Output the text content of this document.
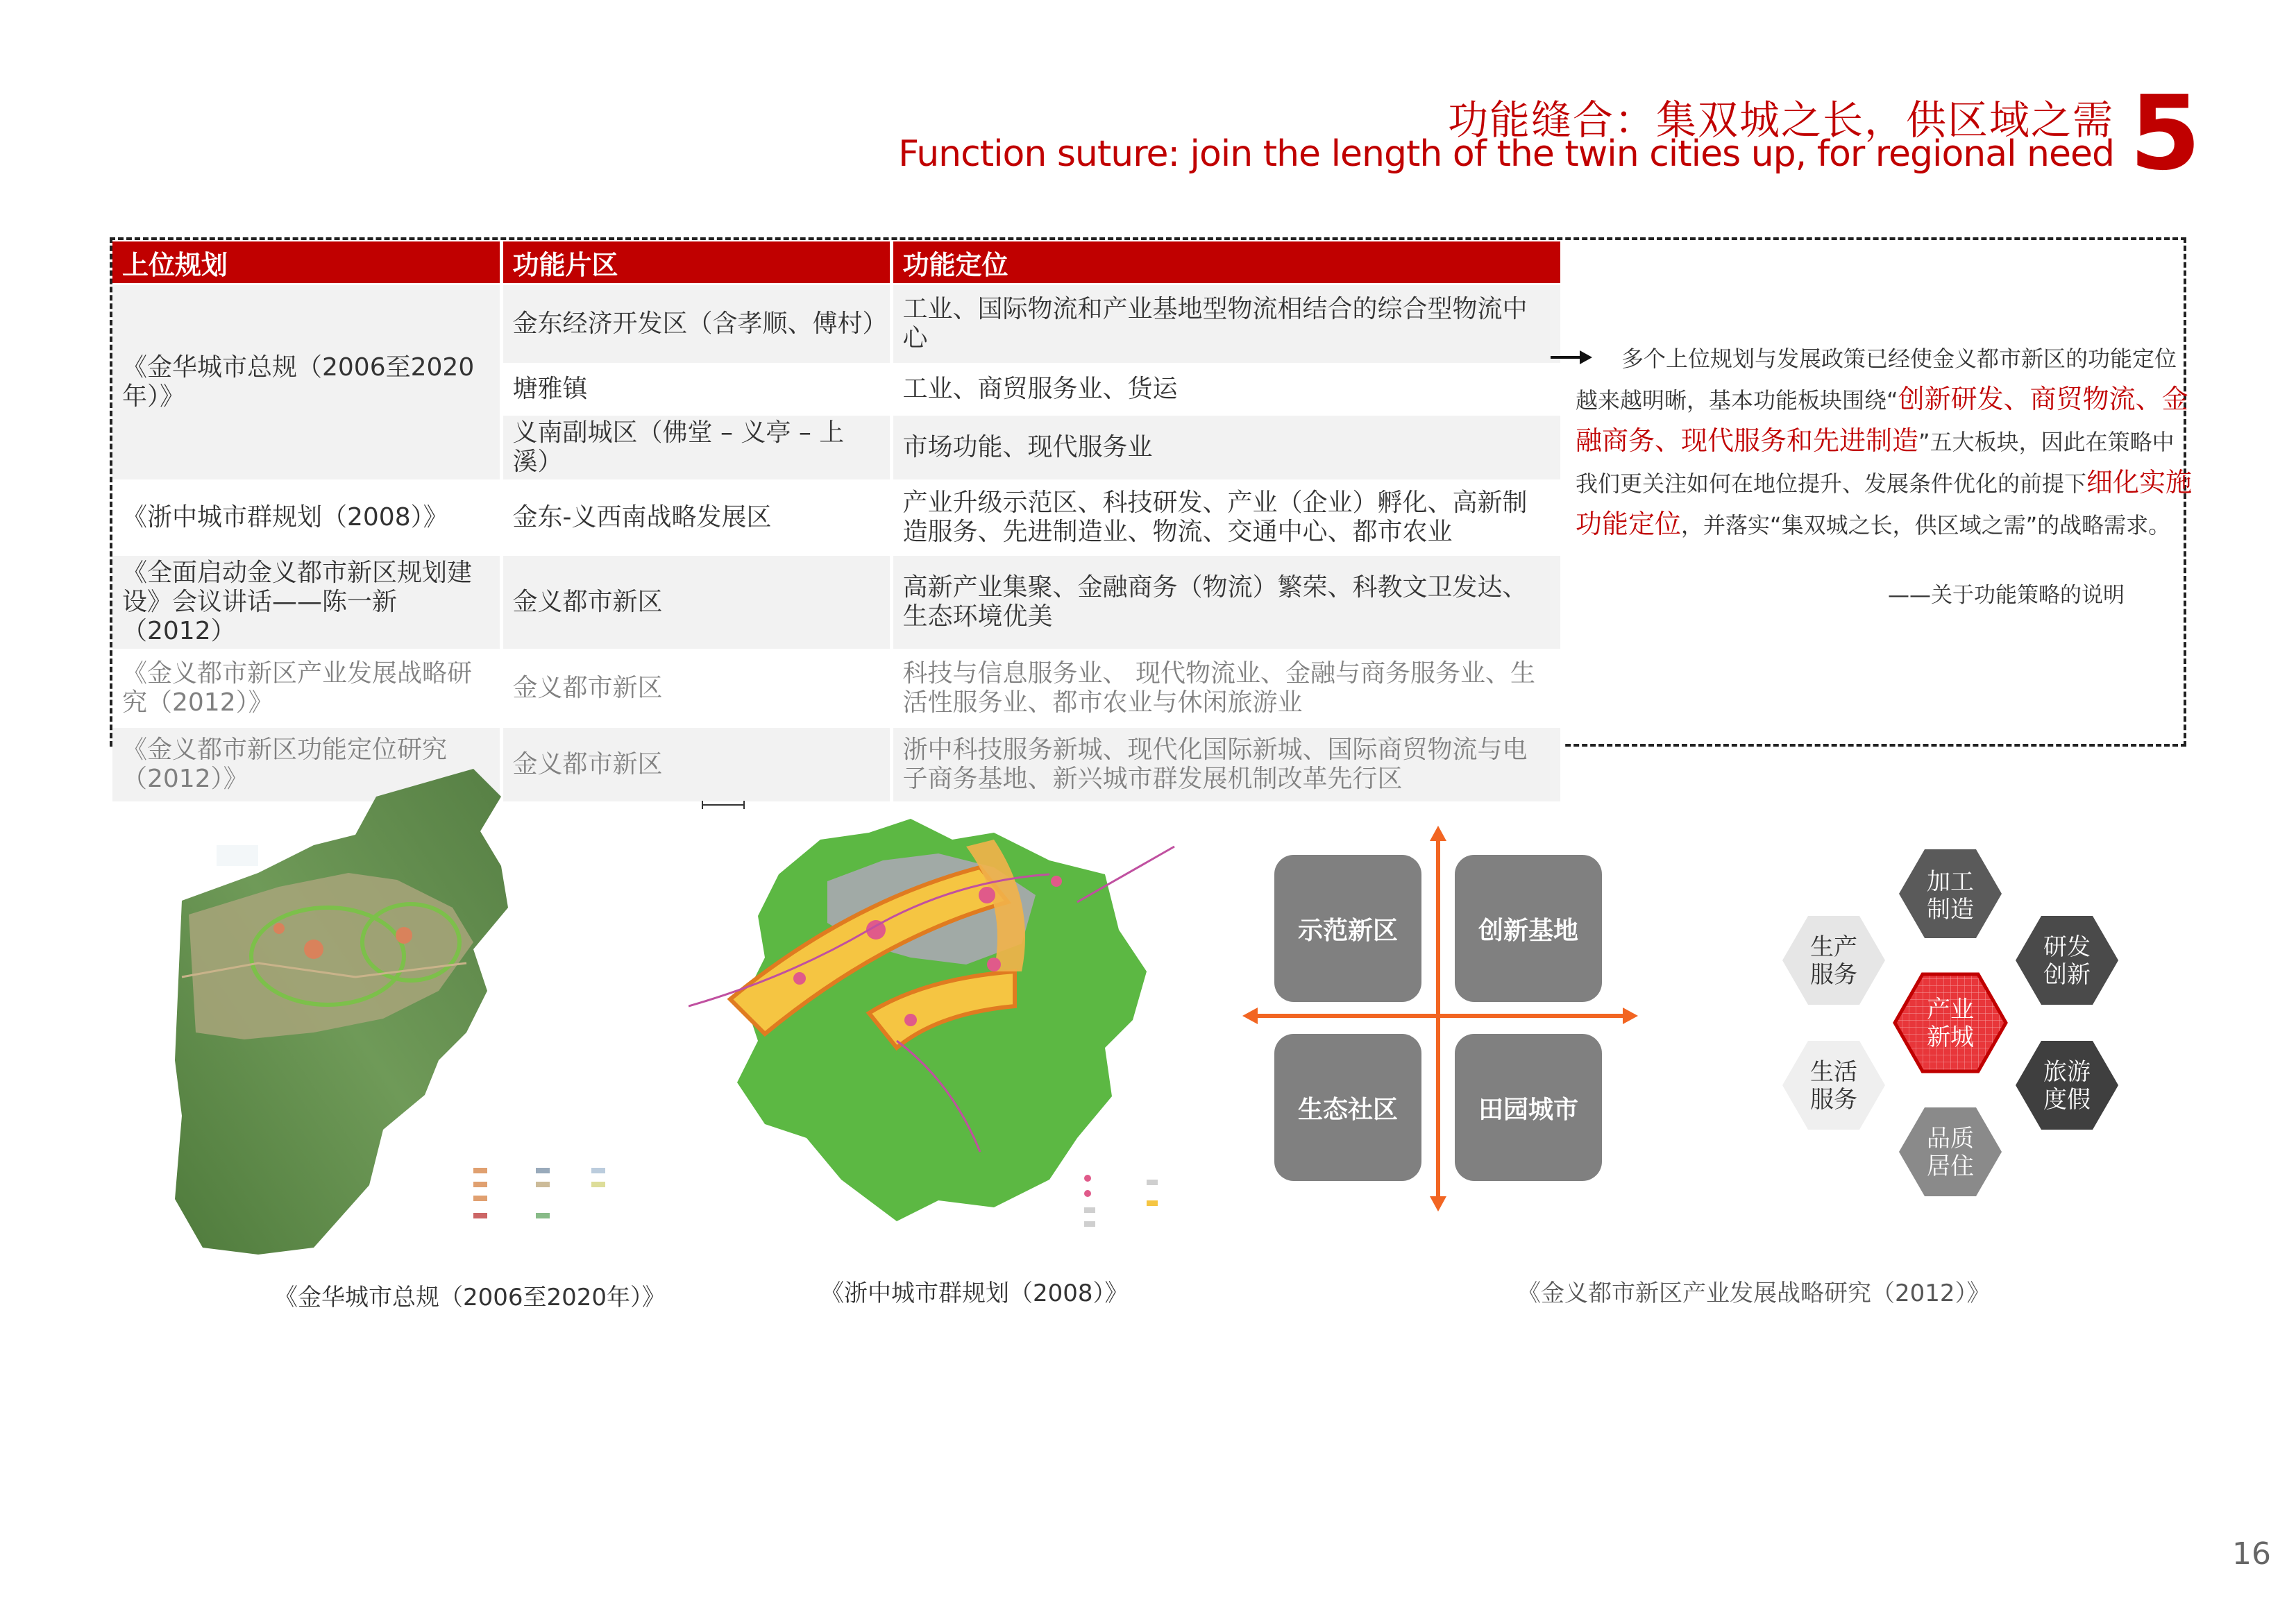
功能缝合：集双城之长，供区域之需
Function suture: join the length of the twin cities up, for regional need 5
上位规划	功能片区	功能定位
《金华城市总规（2006至2020年）》	金东经济开发区（含孝顺、傅村）	工业、国际物流和产业基地型物流相结合的综合型物流中心
	塘雅镇	工业、商贸服务业、货运
	义南副城区（佛堂 – 义亭 – 上溪）	市场功能、现代服务业
《浙中城市群规划（2008）》	金东-义西南战略发展区	产业升级示范区、科技研发、产业（企业）孵化、高新制造服务、先进制造业、物流、交通中心、都市农业
《全面启动金义都市新区规划建设》会议讲话——陈一新（2012）	金义都市新区	高新产业集聚、金融商务（物流）繁荣、科教文卫发达、生态环境优美
《金义都市新区产业发展战略研究（2012）》	金义都市新区	科技与信息服务业、 现代物流业、金融与商务服务业、生活性服务业、都市农业与休闲旅游业
《金义都市新区功能定位研究（2012）》	金义都市新区	浙中科技服务新城、现代化国际新城、国际商贸物流与电子商务基地、新兴城市群发展机制改革先行区
多个上位规划与发展政策已经使金义都市新区的功能定位越来越明晰，基本功能板块围绕“创新研发、商贸物流、金融商务、现代服务和先进制造”五大板块，因此在策略中我们更关注如何在地位提升、发展条件优化的前提下细化实施功能定位，并落实“集双城之长，供区域之需”的战略需求。
——关于功能策略的说明
《金华城市总规（2006至2020年）》	《浙中城市群规划（2008）》
示范新区	创新基地
生态社区	田园城市
加工
制造
研发
创新
旅游
度假
品质
居住
生活
服务
生产
服务
产业
新城
《金义都市新区产业发展战略研究（2012）》
16
